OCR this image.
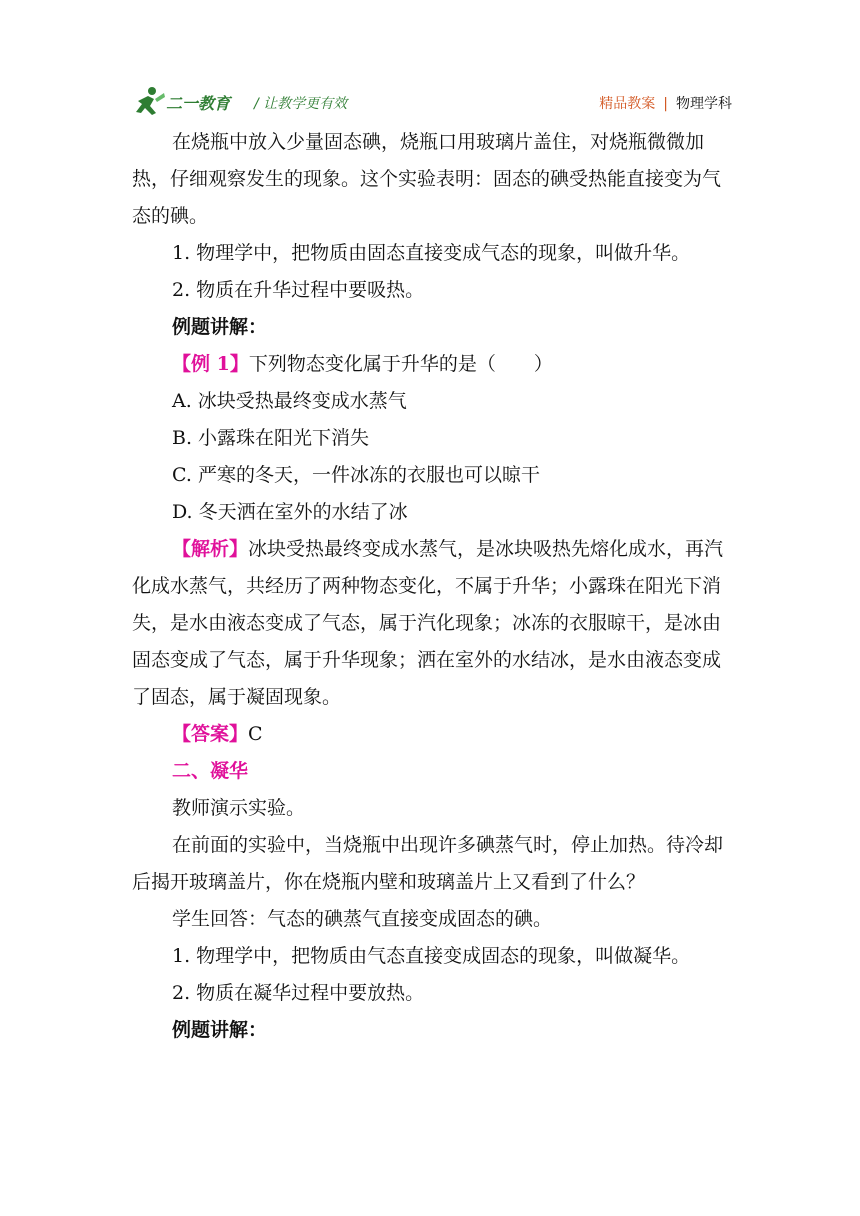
二一教育 / 让教学更有效	精品教案 | 物理学科

在烧瓶中放入少量固态碘，烧瓶口用玻璃片盖住，对烧瓶微微加热，仔细观察发生的现象。这个实验表明：固态的碘受热能直接变为气态的碘。

1. 物理学中，把物质由固态直接变成气态的现象，叫做升华。

2. 物质在升华过程中要吸热。

例题讲解：

【例 1】下列物态变化属于升华的是（　　）

A. 冰块受热最终变成水蒸气

B. 小露珠在阳光下消失

C. 严寒的冬天，一件冰冻的衣服也可以晾干

D. 冬天洒在室外的水结了冰

【解析】冰块受热最终变成水蒸气，是冰块吸热先熔化成水，再汽化成水蒸气，共经历了两种物态变化，不属于升华；小露珠在阳光下消失，是水由液态变成了气态，属于汽化现象；冰冻的衣服晾干，是冰由固态变成了气态，属于升华现象；洒在室外的水结冰，是水由液态变成了固态，属于凝固现象。

【答案】C

二、凝华

教师演示实验。

在前面的实验中，当烧瓶中出现许多碘蒸气时，停止加热。待冷却后揭开玻璃盖片，你在烧瓶内壁和玻璃盖片上又看到了什么？

学生回答：气态的碘蒸气直接变成固态的碘。

1. 物理学中，把物质由气态直接变成固态的现象，叫做凝华。

2. 物质在凝华过程中要放热。

例题讲解：
